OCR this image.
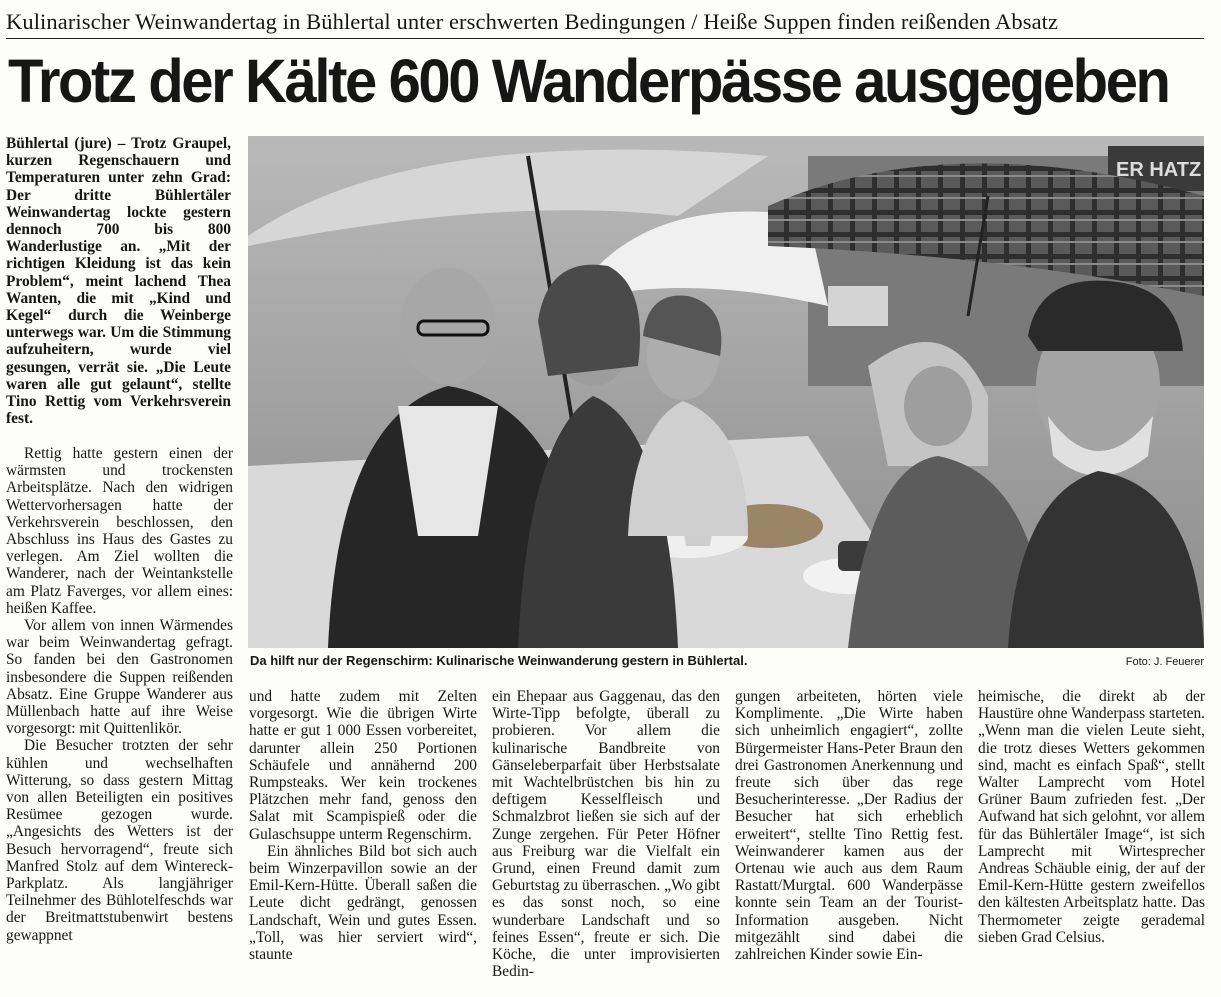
Kulinarischer Weinwandertag in Bühlertal unter erschwerten Bedingungen / Heiße Suppen finden reißenden Absatz
Trotz der Kälte 600 Wanderpässe ausgegeben
Bühlertal (jure) – Trotz Graupel, kurzen Regenschauern und Temperaturen unter zehn Grad: Der dritte Bühlertäler Weinwandertag lockte gestern dennoch 700 bis 800 Wanderlustige an. „Mit der richtigen Kleidung ist das kein Problem“, meint lachend Thea Wanten, die mit „Kind und Kegel“ durch die Weinberge unterwegs war. Um die Stimmung aufzuheitern, wurde viel gesungen, verrät sie. „Die Leute waren alle gut gelaunt“, stellte Tino Rettig vom Verkehrsverein fest.
ER HATZ
Da hilft nur der Regenschirm: Kulinarische Weinwanderung gestern in Bühlertal.	Foto: J. Feuerer

Rettig hatte gestern einen der wärmsten und trockensten Arbeitsplätze. Nach den widrigen Wettervorhersagen hatte der Verkehrsverein beschlossen, den Abschluss ins Haus des Gastes zu verlegen. Am Ziel wollten die Wanderer, nach der Weintankstelle am Platz Faverges, vor allem eines: heißen Kaffee.

Vor allem von innen Wärmendes war beim Weinwandertag gefragt. So fanden bei den Gastronomen insbesondere die Suppen reißenden Absatz. Eine Gruppe Wanderer aus Müllenbach hatte auf ihre Weise vorgesorgt: mit Quittenlikör.

Die Besucher trotzten der sehr kühlen und wechselhaften Witterung, so dass gestern Mittag von allen Beteiligten ein positives Resümee gezogen wurde. „Angesichts des Wetters ist der Besuch hervorragend“, freute sich Manfred Stolz auf dem Wintereck-Parkplatz. Als langjähriger Teilnehmer des Bühlotelfeschds war der Breitmattstubenwirt bestens gewappnet

und hatte zudem mit Zelten vorgesorgt. Wie die übrigen Wirte hatte er gut 1 000 Essen vorbereitet, darunter allein 250 Portionen Schäufele und annähernd 200 Rumpsteaks. Wer kein trockenes Plätzchen mehr fand, genoss den Salat mit Scampispieß oder die Gulaschsuppe unterm Regenschirm.

Ein ähnliches Bild bot sich auch beim Winzerpavillon sowie an der Emil-Kern-Hütte. Überall saßen die Leute dicht gedrängt, genossen Landschaft, Wein und gutes Essen. „Toll, was hier serviert wird“, staunte

ein Ehepaar aus Gaggenau, das den Wirte-Tipp befolgte, überall zu probieren. Vor allem die kulinarische Bandbreite von Gänseleberparfait über Herbstsalate mit Wachtelbrüstchen bis hin zu deftigem Kesselfleisch und Schmalzbrot ließen sie sich auf der Zunge zergehen. Für Peter Höfner aus Freiburg war die Vielfalt ein Grund, einen Freund damit zum Geburtstag zu überraschen. „Wo gibt es das sonst noch, so eine wunderbare Landschaft und so feines Essen“, freute er sich. Die Köche, die unter improvisierten Bedin-

gungen arbeiteten, hörten viele Komplimente. „Die Wirte haben sich unheimlich engagiert“, zollte Bürgermeister Hans-Peter Braun den drei Gastronomen Anerkennung und freute sich über das rege Besucherinteresse. „Der Radius der Besucher hat sich erheblich erweitert“, stellte Tino Rettig fest. Weinwanderer kamen aus der Ortenau wie auch aus dem Raum Rastatt/Murgtal. 600 Wanderpässe konnte sein Team an der Tourist-Information ausgeben. Nicht mitgezählt sind dabei die zahlreichen Kinder sowie Ein-

heimische, die direkt ab der Haustüre ohne Wanderpass starteten. „Wenn man die vielen Leute sieht, die trotz dieses Wetters gekommen sind, macht es einfach Spaß“, stellt Walter Lamprecht vom Hotel Grüner Baum zufrieden fest. „Der Aufwand hat sich gelohnt, vor allem für das Bühlertäler Image“, ist sich Lamprecht mit Wirtesprecher Andreas Schäuble einig, der auf der Emil-Kern-Hütte gestern zweifellos den kältesten Arbeitsplatz hatte. Das Thermometer zeigte gerademal sieben Grad Celsius.
